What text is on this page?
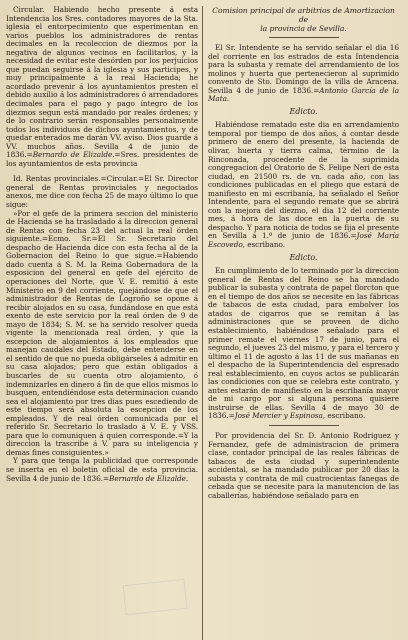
Circular. Habiendo hecho presente á esta Intendencia los Sres. contadores mayores de la Sta. iglesia el entorpecimiento que esperimentan en varios pueblos los administradores de rentas decimales en la recoleccion de diezmos por la negativa de algunos vecinos en facilitarlos, y la necesidad de evitar este desórden por los perjuicios que puedan seguirse á la iglesia y sus participes, y muy principalmente á la real Hacienda; he acordado prevenir á los ayuntamientos presten el debido auxilio á los administradores ó arrendadores decimales para el pago y pago íntegro de los diezmos segun está mandado por reales órdenes; y de lo contrario serán responsables personalmente todos los individuos de dichos ayuntamientos, y de quedar enterados me darán VV. aviso. Dios guarde á VV. muchos años. Sevilla 4 de junio de 1836.=Bernardo de Elizalde.=Sres. presidentes de los ayuntamientos de esta provincia

Id. Rentas provinciales.=Circular.=El Sr. Director general de Rentas provinciales y negociados anexos, me dice con fecha 25 de mayo último lo que sigue:

»Por el gefe de la primera seccion del ministerio de Hacienda se ha trasladado á la direccion general de Rentas con fecha 23 del actual la real órden siguiente.=Ecmo. Sr.=El Sr. Secretario del despacho de Hacienda dice con esta fecha al de la Gobernacion del Reino lo que sigue.=Habiendo dado cuenta á S. M. la Reina Gobernadora de la esposicion del general en gefe del ejército de operaciones del Norte, que V. E. remitió á este Ministerio en 9 del corriente, quejándose de que el administrador de Rentas de Logroño se opone á recibir alojados en su casa, fundándose en que está exento de este servicio por la real órden de 9 de mayo de 1834; S. M. se ha servido resolver queda vigente la mencionada real órden, y que la escepcion de alojamientos á los empleados que manejan caudales del Estado, debe entenderse en el sentido de que no pueda obligárseles á admitir en su casa alojados; pero que están obligados á buscarles de su cuenta otro alojamiento, ó indemnizarles en dinero á fin de que ellos mismos lo busquen, entendiéndose esta determinacion cuando sea el alojamiento por tres dias pues escediendo de este tiempo será absoluta la escepcion de los empleados. Y de real órden comunicada por el referido Sr. Secretario lo traslado á V. E. y VSS. para que lo comuniquen á quien corresponde.=Y la direccion la trascribe á V. para su inteligencia y demas fines consiguientes.»

Y para que tenga la publicidad que corresponde se inserta en el boletin oficial de esta provincia. Sevilla 4 de junio de 1836.=Bernardo de Elizalde.

Comision principal de arbitrios de Amortizacion de
la provincia de Sevilla.

El Sr. Intendente se ha servido señalar el dia 16 del corriente en los estrados de esta Intendencia para la subasta y remate del arrendamiento de los molinos y huerta que pertenecieron al suprimido convento de Sto. Domingo de la villa de Aracena. Sevilla 4 de junio de 1836.=Antonio García de la Mata.

Edicto.

Habiéndose rematado este dia en arrendamiento temporal por tiempo de dos años, á contar desde primero de enero del presente, la hacienda de olivar, huerta y tierra calma, término de la Rinconada, procedente de la suprimida congregacion del Oratorio de S. Felipe Neri de esta ciudad, en 21500 rs. de vn. cada año, con las condiciones publicadas en el pliego que estará de manifiesto en mi escribanía, ha señalado el Señor Intendente, para el segundo remate que se abrirá con la mejora del diezmo, el dia 12 del corriente mes, á hora de las doce en la puerta de su despacho. Y para noticia de todos se fija el presente en Sevilla á 1.º de junio de 1836.=José María Escovedo, escribano.

Edicto.

En cumplimiento de lo terminado por la direccion general de Rentas del Reino se ha mandado publicar la subasta y contrata de papel florcton que en el tiempo de dos años se necesite en las fábricas de tabacos de esta ciudad, para embolver los atados de cigarros que se remitan á las administraciones que se proveen de dicho establecimiento, habiéndose señalado para el primer remate el viernes 17 de junio, para el segundo, el jueves 23 del mismo, y para el tercero y último el 11 de agosto á las 11 de sus mañanas en el despacho de la Superintendencia del espresado real establecimiento, en cuyos actos se publicarán las condiciones con que se celebra este contrato, y antes estarán de manifiesto en la escribanía mayor de mi cargo por si alguna persona quisiere instruirse de ellas. Sevilla 4 de mayo 30 de 1836.=José Mercier y Espinosa, escribano.

Por providencia del Sr. D. Antonio Rodriguez y Fernandez, gefe de administracion de primera clase, contador principal de las reales fábricas de tabacos de esta ciudad y superintendente accidental, se ha mandado publicar por 20 dias la subasta y contrata de mil cuatrocientas fanegas de cebada que se necesite para la manutencion de las caballerías, habiéndose señalado para en
